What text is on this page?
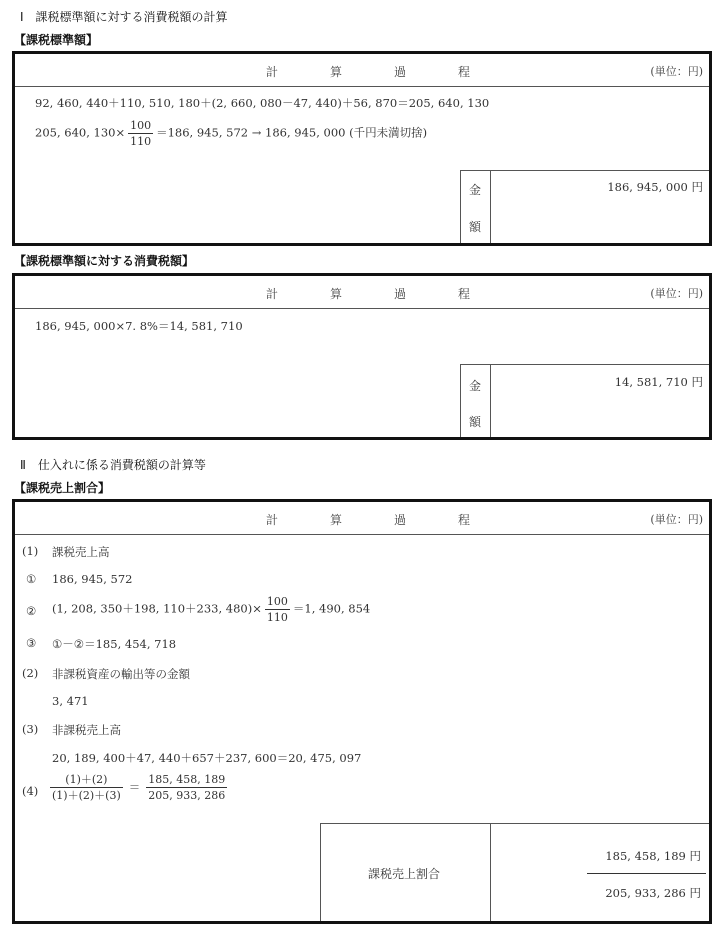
Ⅰ　課税標準額に対する消費税額の計算
【課税標準額】
計	算	過	程	(単位：円)
92, 460, 440＋110, 510, 180＋(2, 660, 080－47, 440)＋56, 870＝205, 640, 130
205, 640, $130\times \frac{100}{110} =186$, 945, 572 → 186, 945, 000 (千円未満切捨)
金
額
186, 945, 000 円
【課税標準額に対する消費税額】
計	算	過	程	(単位：円)
186, 945, 000×7. 8%＝14, 581, 710
金
額
14, 581, 710 円
Ⅱ　仕入れに係る消費税額の計算等
【課税売上割合】
計	算	過	程	(単位：円)
(1) 課税売上高
① 186, 945, 572
② (1, 208, 350＋198, 110＋233, $480)\times \frac{100}{110} =1$, 490, 854
③ ①－②＝185, 454, 718
(2) 非課税資産の輸出等の金額
3, 471
(3) 非課税売上高
20, 189, 400＋47, 440＋657＋237, 600＝20, 475, 097
$(4) \frac{(1)+(2)}{(1)+(2)+(3)} = \frac{185, 458, 189}{205, 933, 286}$
課税売上割合
185, 458, 189 円
205, 933, 286 円
